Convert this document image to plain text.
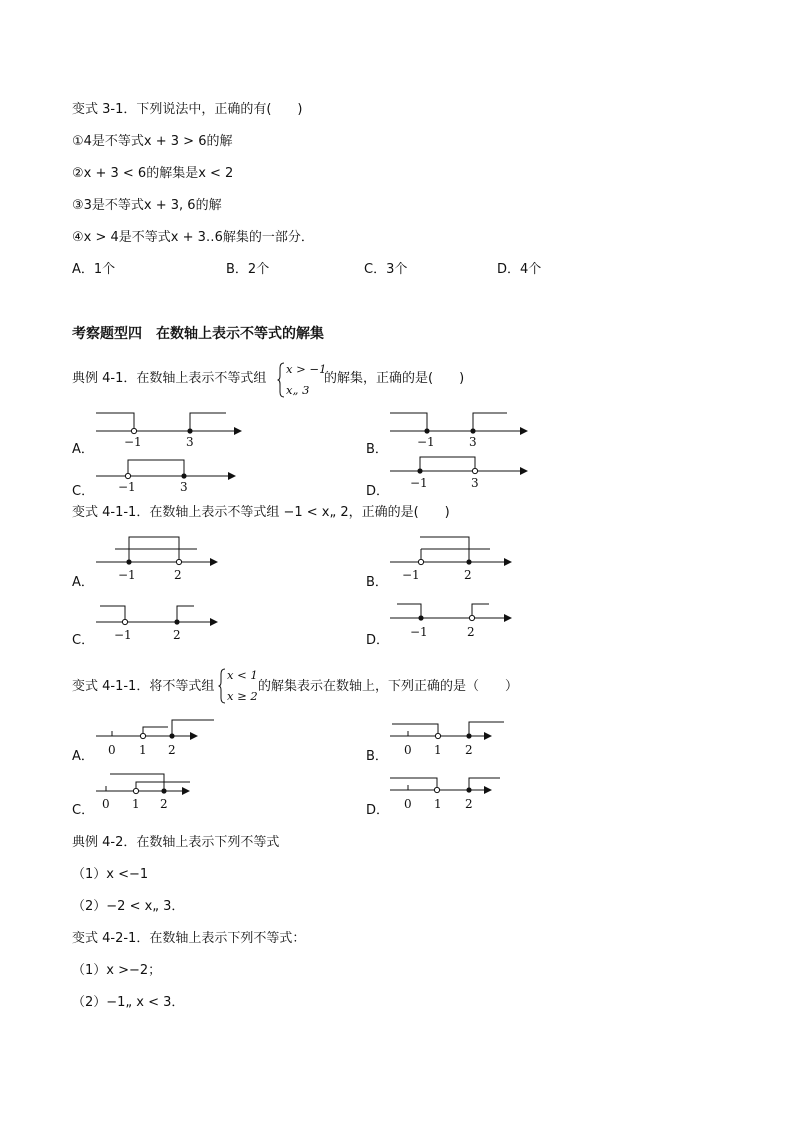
变式 3-1．下列说法中，正确的有(　　)
①4是不等式x + 3 > 6的解
②x + 3 < 6的解集是x < 2
③3是不等式x + 3, 6的解
④x > 4是不等式x + 3‥6解集的一部分．
A．1个	B．2个	C．3个	D．4个
考察题型四　在数轴上表示不等式的解集
典例 4-1．在数轴上表示不等式组
x > −1
x„ 3
的解集，正确的是(　　)
A．	B．
C．	D．
−1	3	−1	3
−1	3	−1	3
变式 4-1-1．在数轴上表示不等式组 −1 < x„ 2，正确的是(　　)
A．	B．
C．	D．
−1	2	−1	2
−1	2	−1	2
变式 4-1-1．将不等式组
x < 1
x ≥ 2
的解集表示在数轴上，下列正确的是（　　）
A．	B．
C．	D．
0 1 2	0 1 2
0 1 2	0 1 2
典例 4-2．在数轴上表示下列不等式
（1）x <−1
（2）−2 < x„ 3．
变式 4-2-1．在数轴上表示下列不等式：
（1）x >−2；
（2）−1„ x < 3．
